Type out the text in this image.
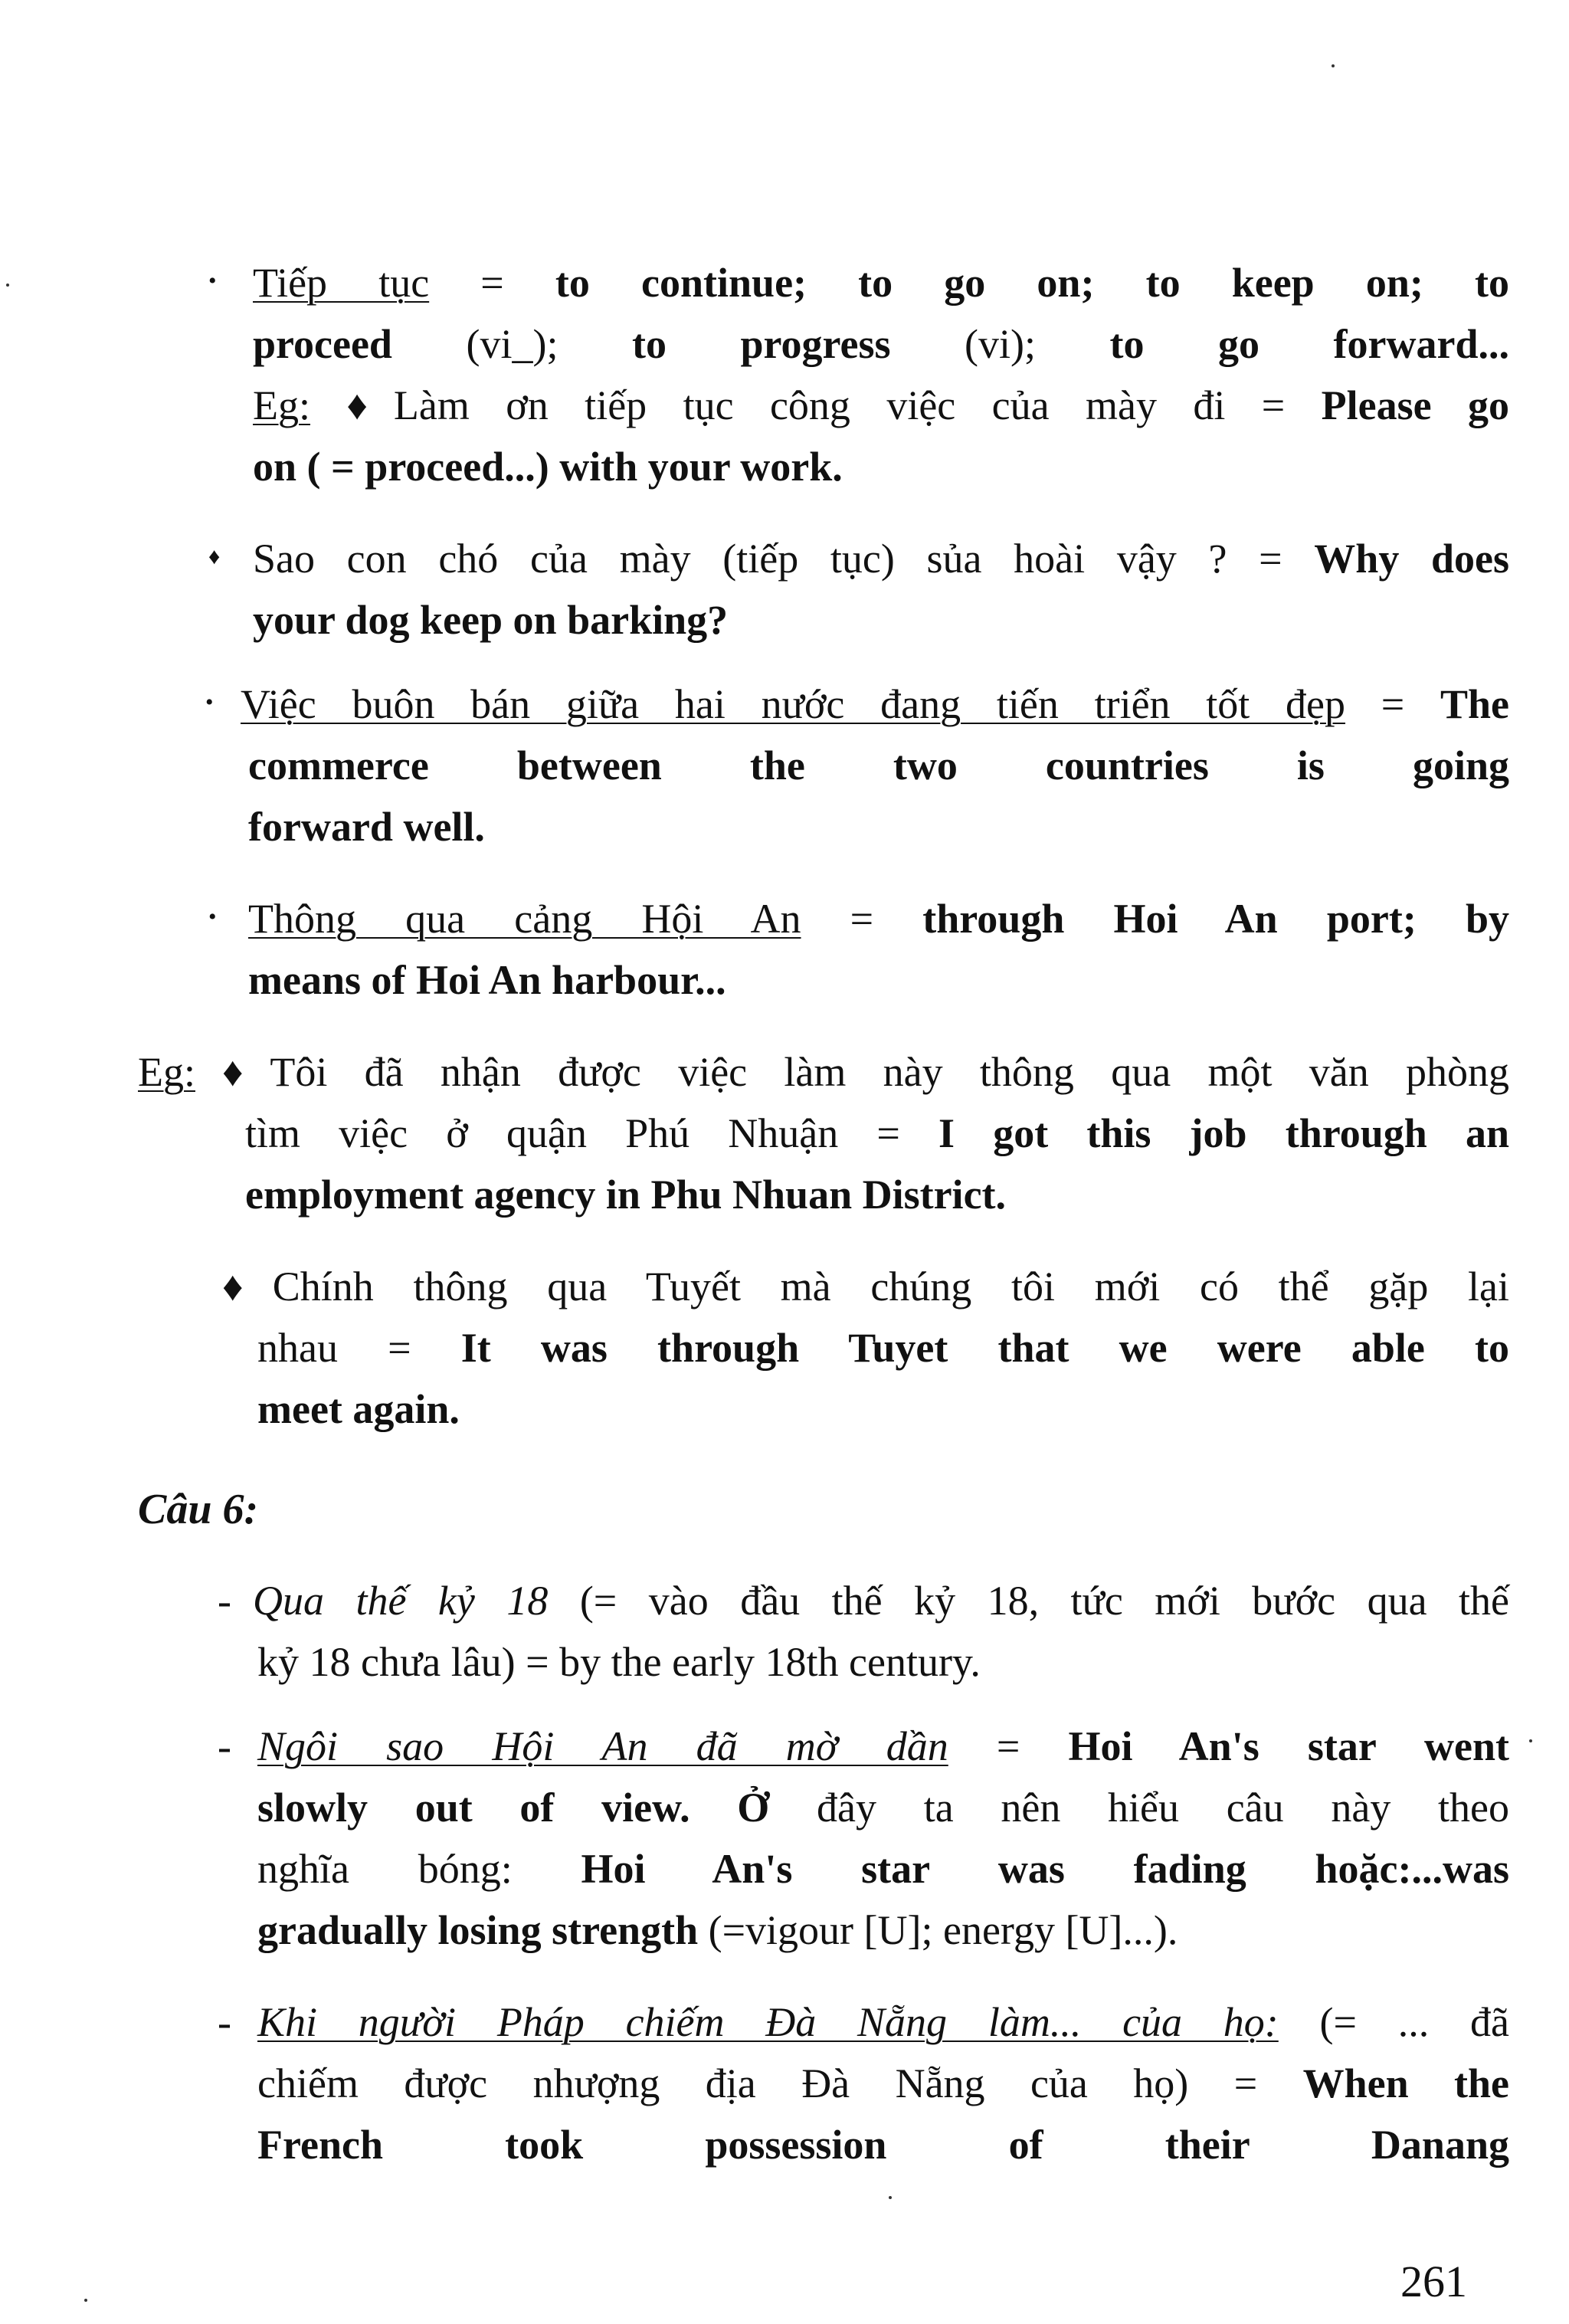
• Tiếp tục = to continue; to go on; to keep on; to
proceed (vi_); to progress (vi); to go forward...
Eg: ♦Làm ơn tiếp tục công việc của mày đi = Please go
on ( = proceed...) with your work.
♦ Sao con chó của mày (tiếp tục) sủa hoài vậy ? = Why does
your dog keep on barking?
• Việc buôn bán giữa hai nước đang tiến triển tốt đẹp = The
commerce between the two countries is going
forward well.
• Thông qua cảng Hội An = through Hoi An port; by
means of Hoi An harbour...
Eg: ♦Tôi đã nhận được việc làm này thông qua một văn phòng
tìm việc ở quận Phú Nhuận = I got this job through an
employment agency in Phu Nhuan District.
♦Chính thông qua Tuyết mà chúng tôi mới có thể gặp lại
nhau = It was through Tuyet that we were able to
meet again.
Câu 6:
- Qua thế kỷ 18 (= vào đầu thế kỷ 18, tức mới bước qua thế
kỷ 18 chưa lâu) = by the early 18th century.
- Ngôi sao Hội An đã mờ dần = Hoi An's star went
slowly out of view. Ở đây ta nên hiểu câu này theo
nghĩa bóng: Hoi An's star was fading hoặc:...was
gradually losing strength (=vigour [U]; energy [U]...).
- Khi người Pháp chiếm Đà Nẵng làm... của họ: (= ... đã
chiếm được nhượng địa Đà Nẵng của họ) = When the
French took possession of their Danang
261
